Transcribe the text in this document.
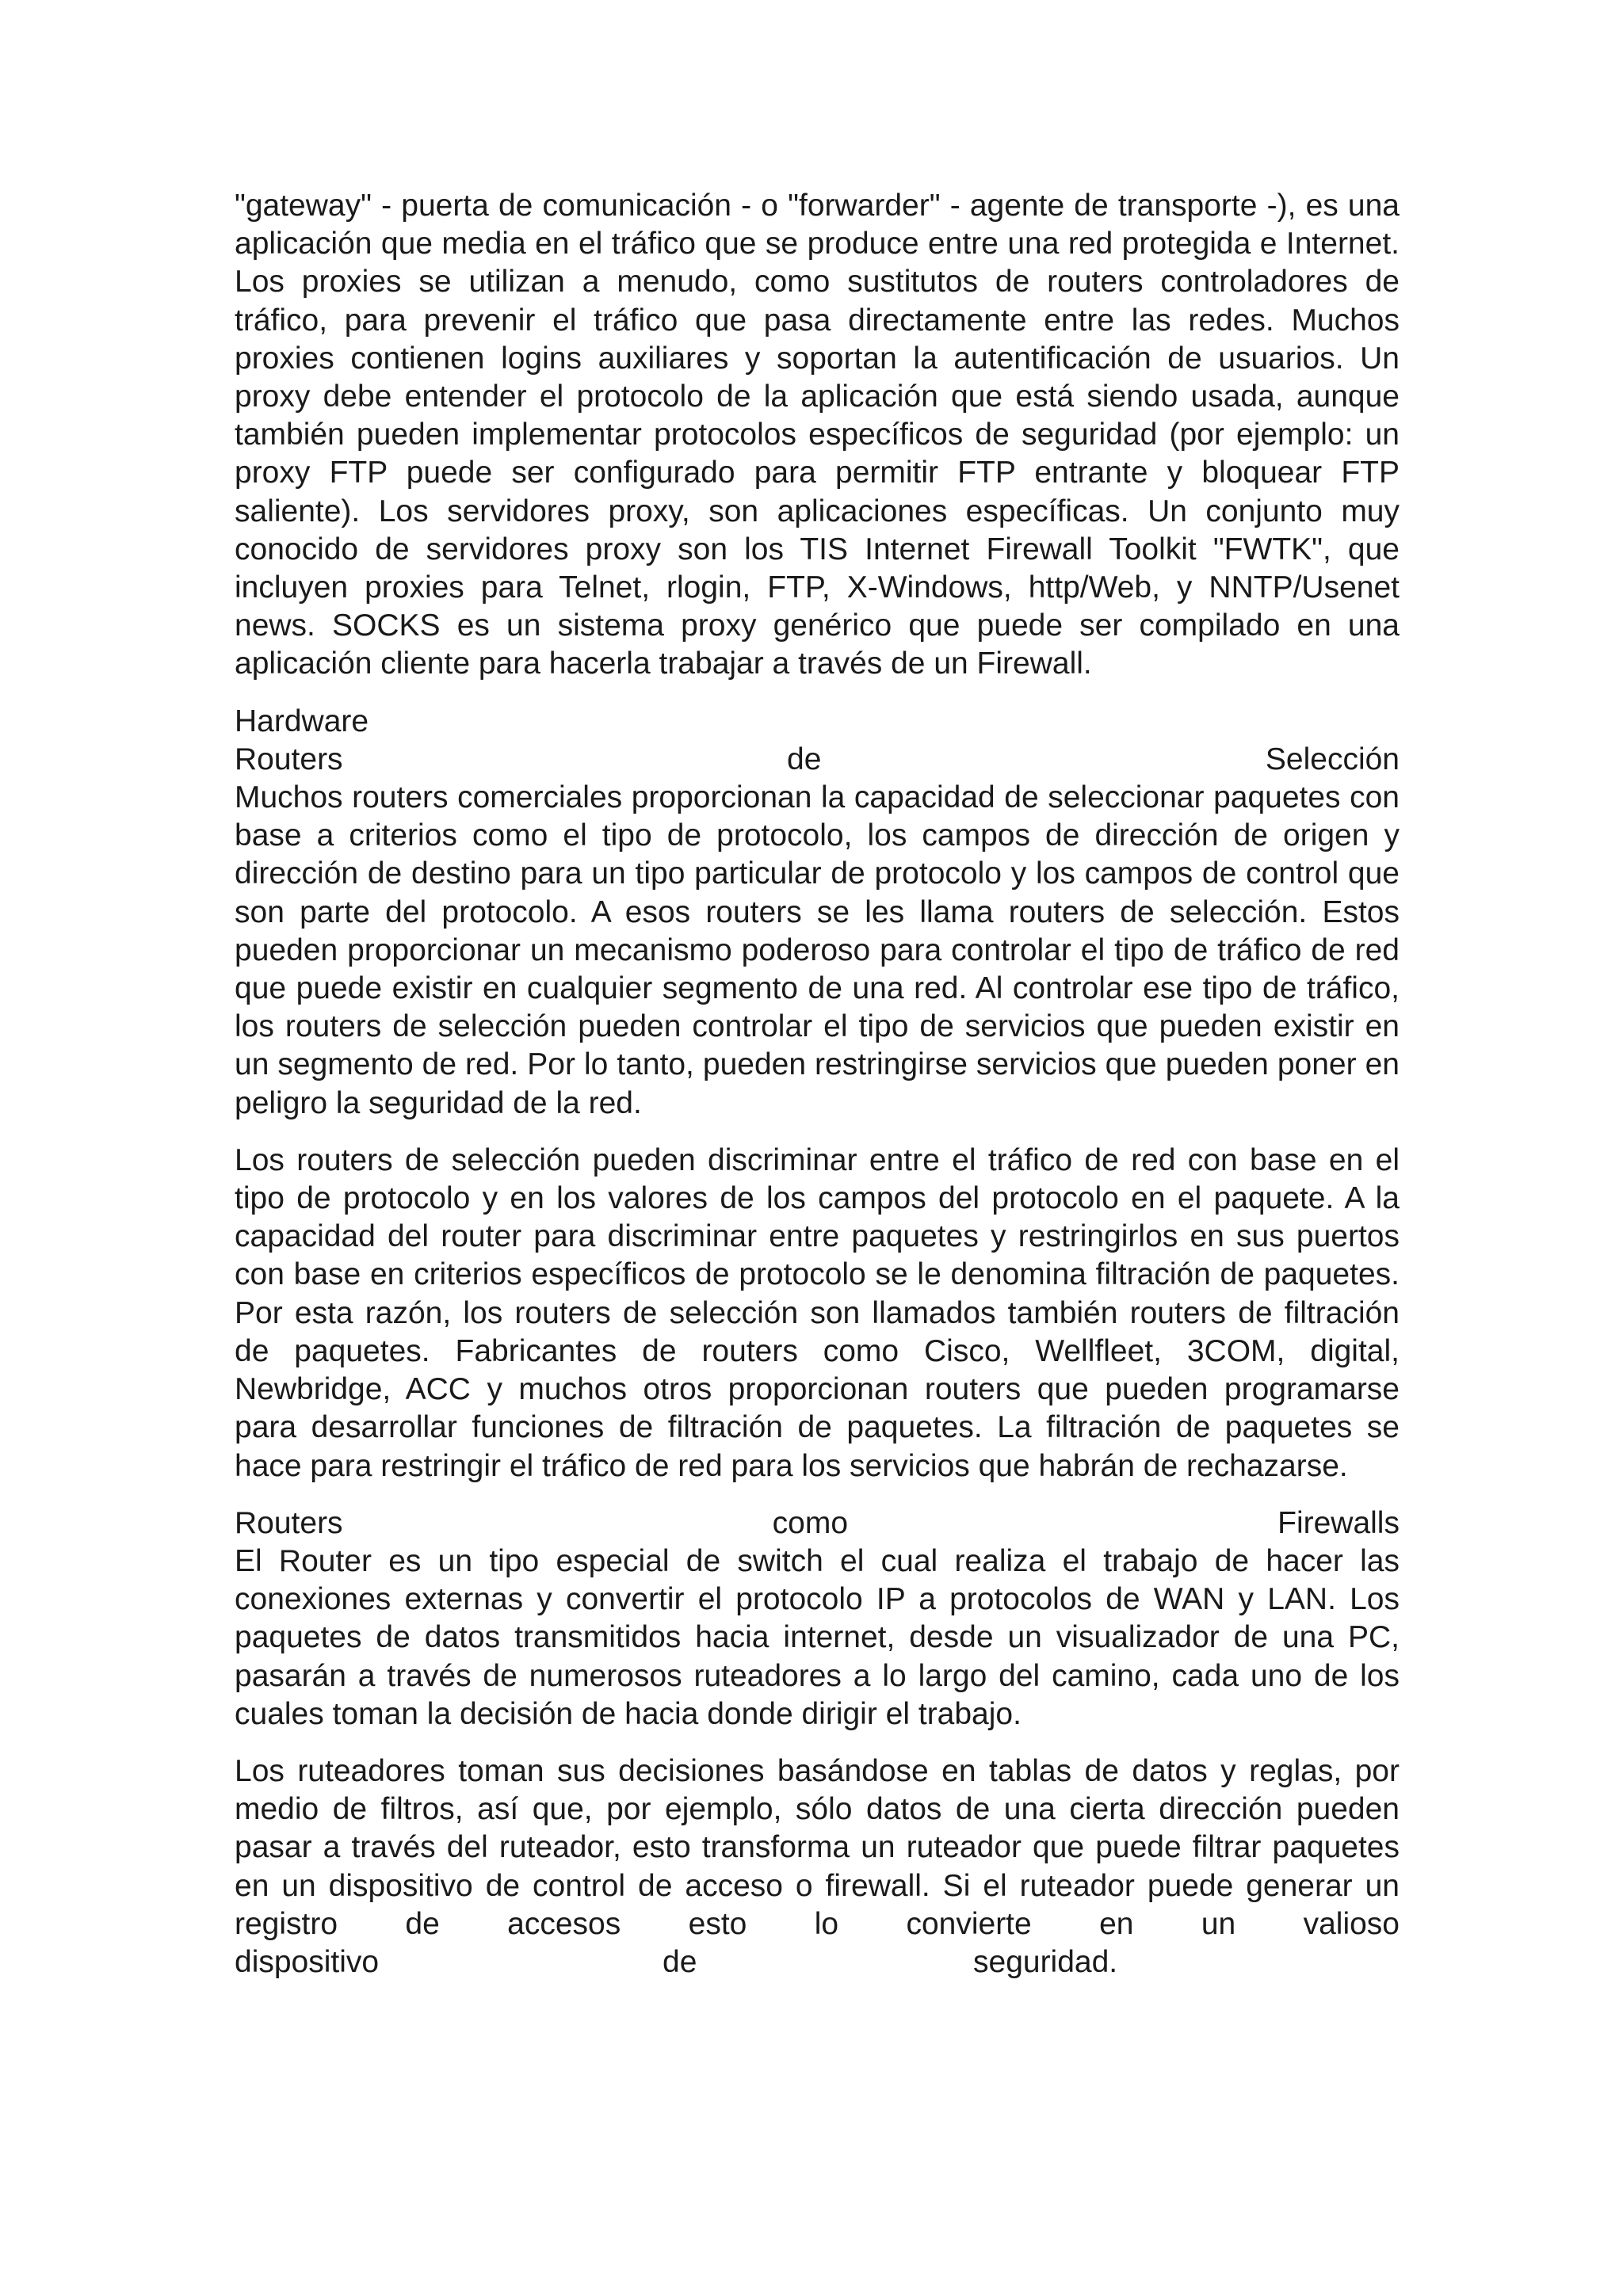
"gateway" - puerta de comunicación - o "forwarder" - agente de transporte -), es una aplicación que media en el tráfico que se produce entre una red protegida e Internet. Los proxies se utilizan a menudo, como sustitutos de routers controladores de tráfico, para prevenir el tráfico que pasa directamente entre las redes. Muchos proxies contienen logins auxiliares y soportan la autentificación de usuarios. Un proxy debe entender el protocolo de la aplicación que está siendo usada, aunque también pueden implementar protocolos específicos de seguridad (por ejemplo: un proxy FTP puede ser configurado para permitir FTP entrante y bloquear FTP saliente). Los servidores proxy, son aplicaciones específicas. Un conjunto muy conocido de servidores proxy son los TIS Internet Firewall Toolkit "FWTK", que incluyen proxies para Telnet, rlogin, FTP, X-Windows, http/Web, y NNTP/Usenet news. SOCKS es un sistema proxy genérico que puede ser compilado en una aplicación cliente para hacerla trabajar a través de un Firewall.

Hardware
Routers	de	Selección
Muchos routers comerciales proporcionan la capacidad de seleccionar paquetes con base a criterios como el tipo de protocolo, los campos de dirección de origen y dirección de destino para un tipo particular de protocolo y los campos de control que son parte del protocolo. A esos routers se les llama routers de selección. Estos pueden proporcionar un mecanismo poderoso para controlar el tipo de tráfico de red que puede existir en cualquier segmento de una red. Al controlar ese tipo de tráfico, los routers de selección pueden controlar el tipo de servicios que pueden existir en un segmento de red. Por lo tanto, pueden restringirse servicios que pueden poner en peligro la seguridad de la red.

Los routers de selección pueden discriminar entre el tráfico de red con base en el tipo de protocolo y en los valores de los campos del protocolo en el paquete. A la capacidad del router para discriminar entre paquetes y restringirlos en sus puertos con base en criterios específicos de protocolo se le denomina filtración de paquetes. Por esta razón, los routers de selección son llamados también routers de filtración de paquetes. Fabricantes de routers como Cisco, Wellfleet, 3COM, digital, Newbridge, ACC y muchos otros proporcionan routers que pueden programarse para desarrollar funciones de filtración de paquetes. La filtración de paquetes se hace para restringir el tráfico de red para los servicios que habrán de rechazarse.

Routers	como	Firewalls
El Router es un tipo especial de switch el cual realiza el trabajo de hacer las conexiones externas y convertir el protocolo IP a protocolos de WAN y LAN. Los paquetes de datos transmitidos hacia internet, desde un visualizador de una PC, pasarán a través de numerosos ruteadores a lo largo del camino, cada uno de los cuales toman la decisión de hacia donde dirigir el trabajo.
Los ruteadores toman sus decisiones basándose en tablas de datos y reglas, por medio de filtros, así que, por ejemplo, sólo datos de una cierta dirección pueden pasar a través del ruteador, esto transforma un ruteador que puede filtrar paquetes en un dispositivo de control de acceso o firewall. Si el ruteador puede generar un registro de accesos esto lo convierte en un valioso
dispositivo	de	seguridad.
